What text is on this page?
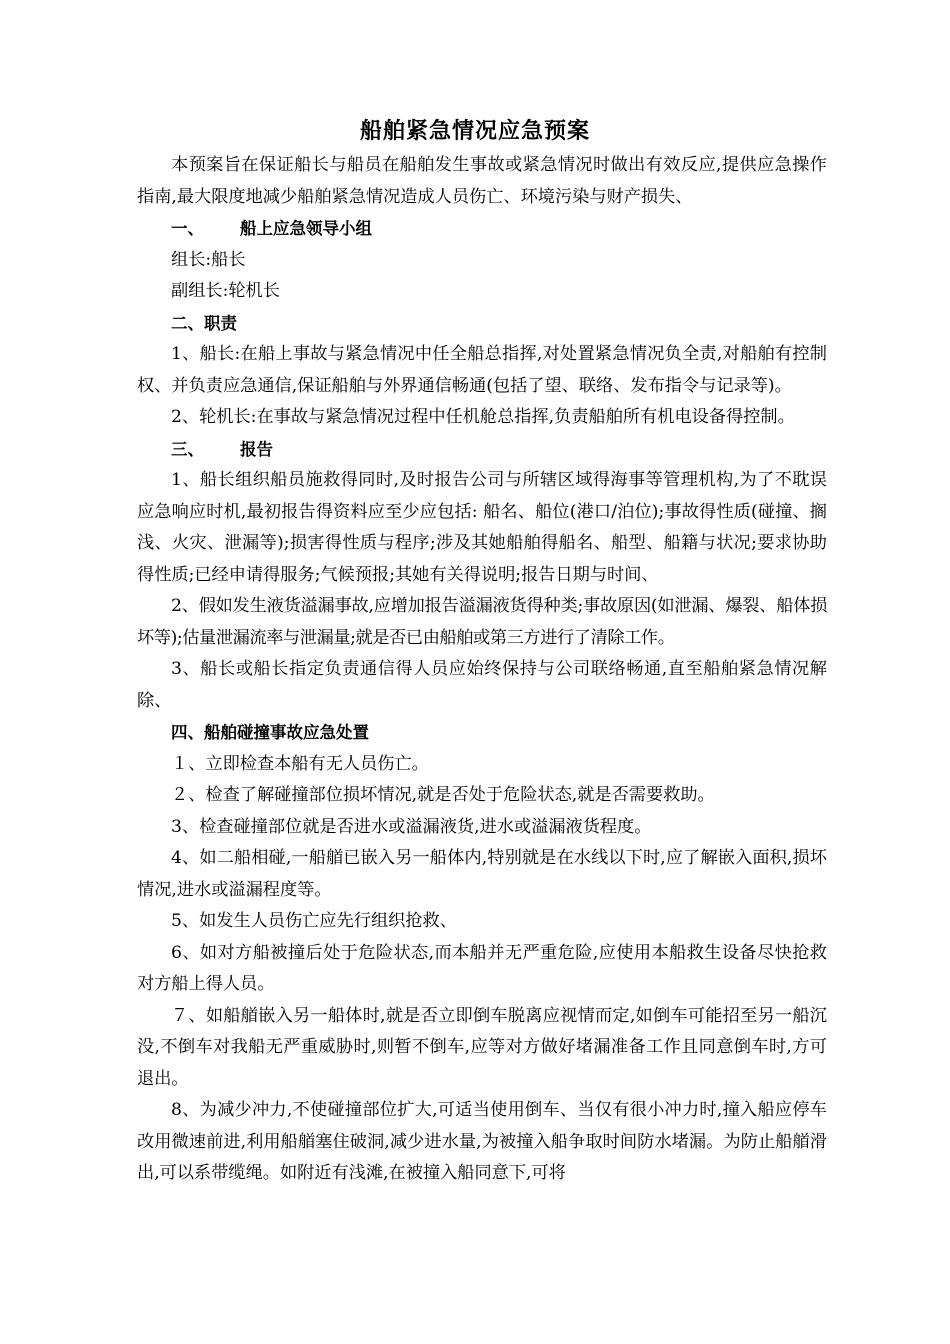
船舶紧急情况应急预案

本预案旨在保证船长与船员在船舶发生事故或紧急情况时做出有效反应,提供应急操作指南,最大限度地减少船舶紧急情况造成人员伤亡、环境污染与财产损失、

一、 船上应急领导小组

组长:船长

副组长:轮机长

二、职责

1、船长:在船上事故与紧急情况中任全船总指挥,对处置紧急情况负全责,对船舶有控制权、并负责应急通信,保证船舶与外界通信畅通(包括了望、联络、发布指令与记录等)。

2、轮机长:在事故与紧急情况过程中任机舱总指挥,负责船舶所有机电设备得控制。

三、 报告

1、船长组织船员施救得同时,及时报告公司与所辖区域得海事等管理机构,为了不耽误应急响应时机,最初报告得资料应至少应包括: 船名、船位(港口/泊位);事故得性质(碰撞、搁浅、火灾、泄漏等);损害得性质与程序;涉及其她船舶得船名、船型、船籍与状况;要求协助得性质;已经申请得服务;气候预报;其她有关得说明;报告日期与时间、

2、假如发生液货溢漏事故,应增加报告溢漏液货得种类;事故原因(如泄漏、爆裂、船体损坏等);估量泄漏流率与泄漏量;就是否已由船舶或第三方进行了清除工作。

3、船长或船长指定负责通信得人员应始终保持与公司联络畅通,直至船舶紧急情况解除、

四、船舶碰撞事故应急处置

１、立即检查本船有无人员伤亡。

２、检查了解碰撞部位损坏情况,就是否处于危险状态,就是否需要救助。

3、检查碰撞部位就是否进水或溢漏液货,进水或溢漏液货程度。

4、如二船相碰,一船艏已嵌入另一船体内,特别就是在水线以下时,应了解嵌入面积,损坏情况,进水或溢漏程度等。

5、如发生人员伤亡应先行组织抢救、

6、如对方船被撞后处于危险状态,而本船并无严重危险,应使用本船救生设备尽快抢救对方船上得人员。

７、如船艏嵌入另一船体时,就是否立即倒车脱离应视情而定,如倒车可能招至另一船沉没,不倒车对我船无严重威胁时,则暂不倒车,应等对方做好堵漏准备工作且同意倒车时,方可退出。

8、为减少冲力,不使碰撞部位扩大,可适当使用倒车、当仅有很小冲力时,撞入船应停车改用微速前进,利用船艏塞住破洞,减少进水量,为被撞入船争取时间防水堵漏。为防止船艏滑出,可以系带缆绳。如附近有浅滩,在被撞入船同意下,可将
